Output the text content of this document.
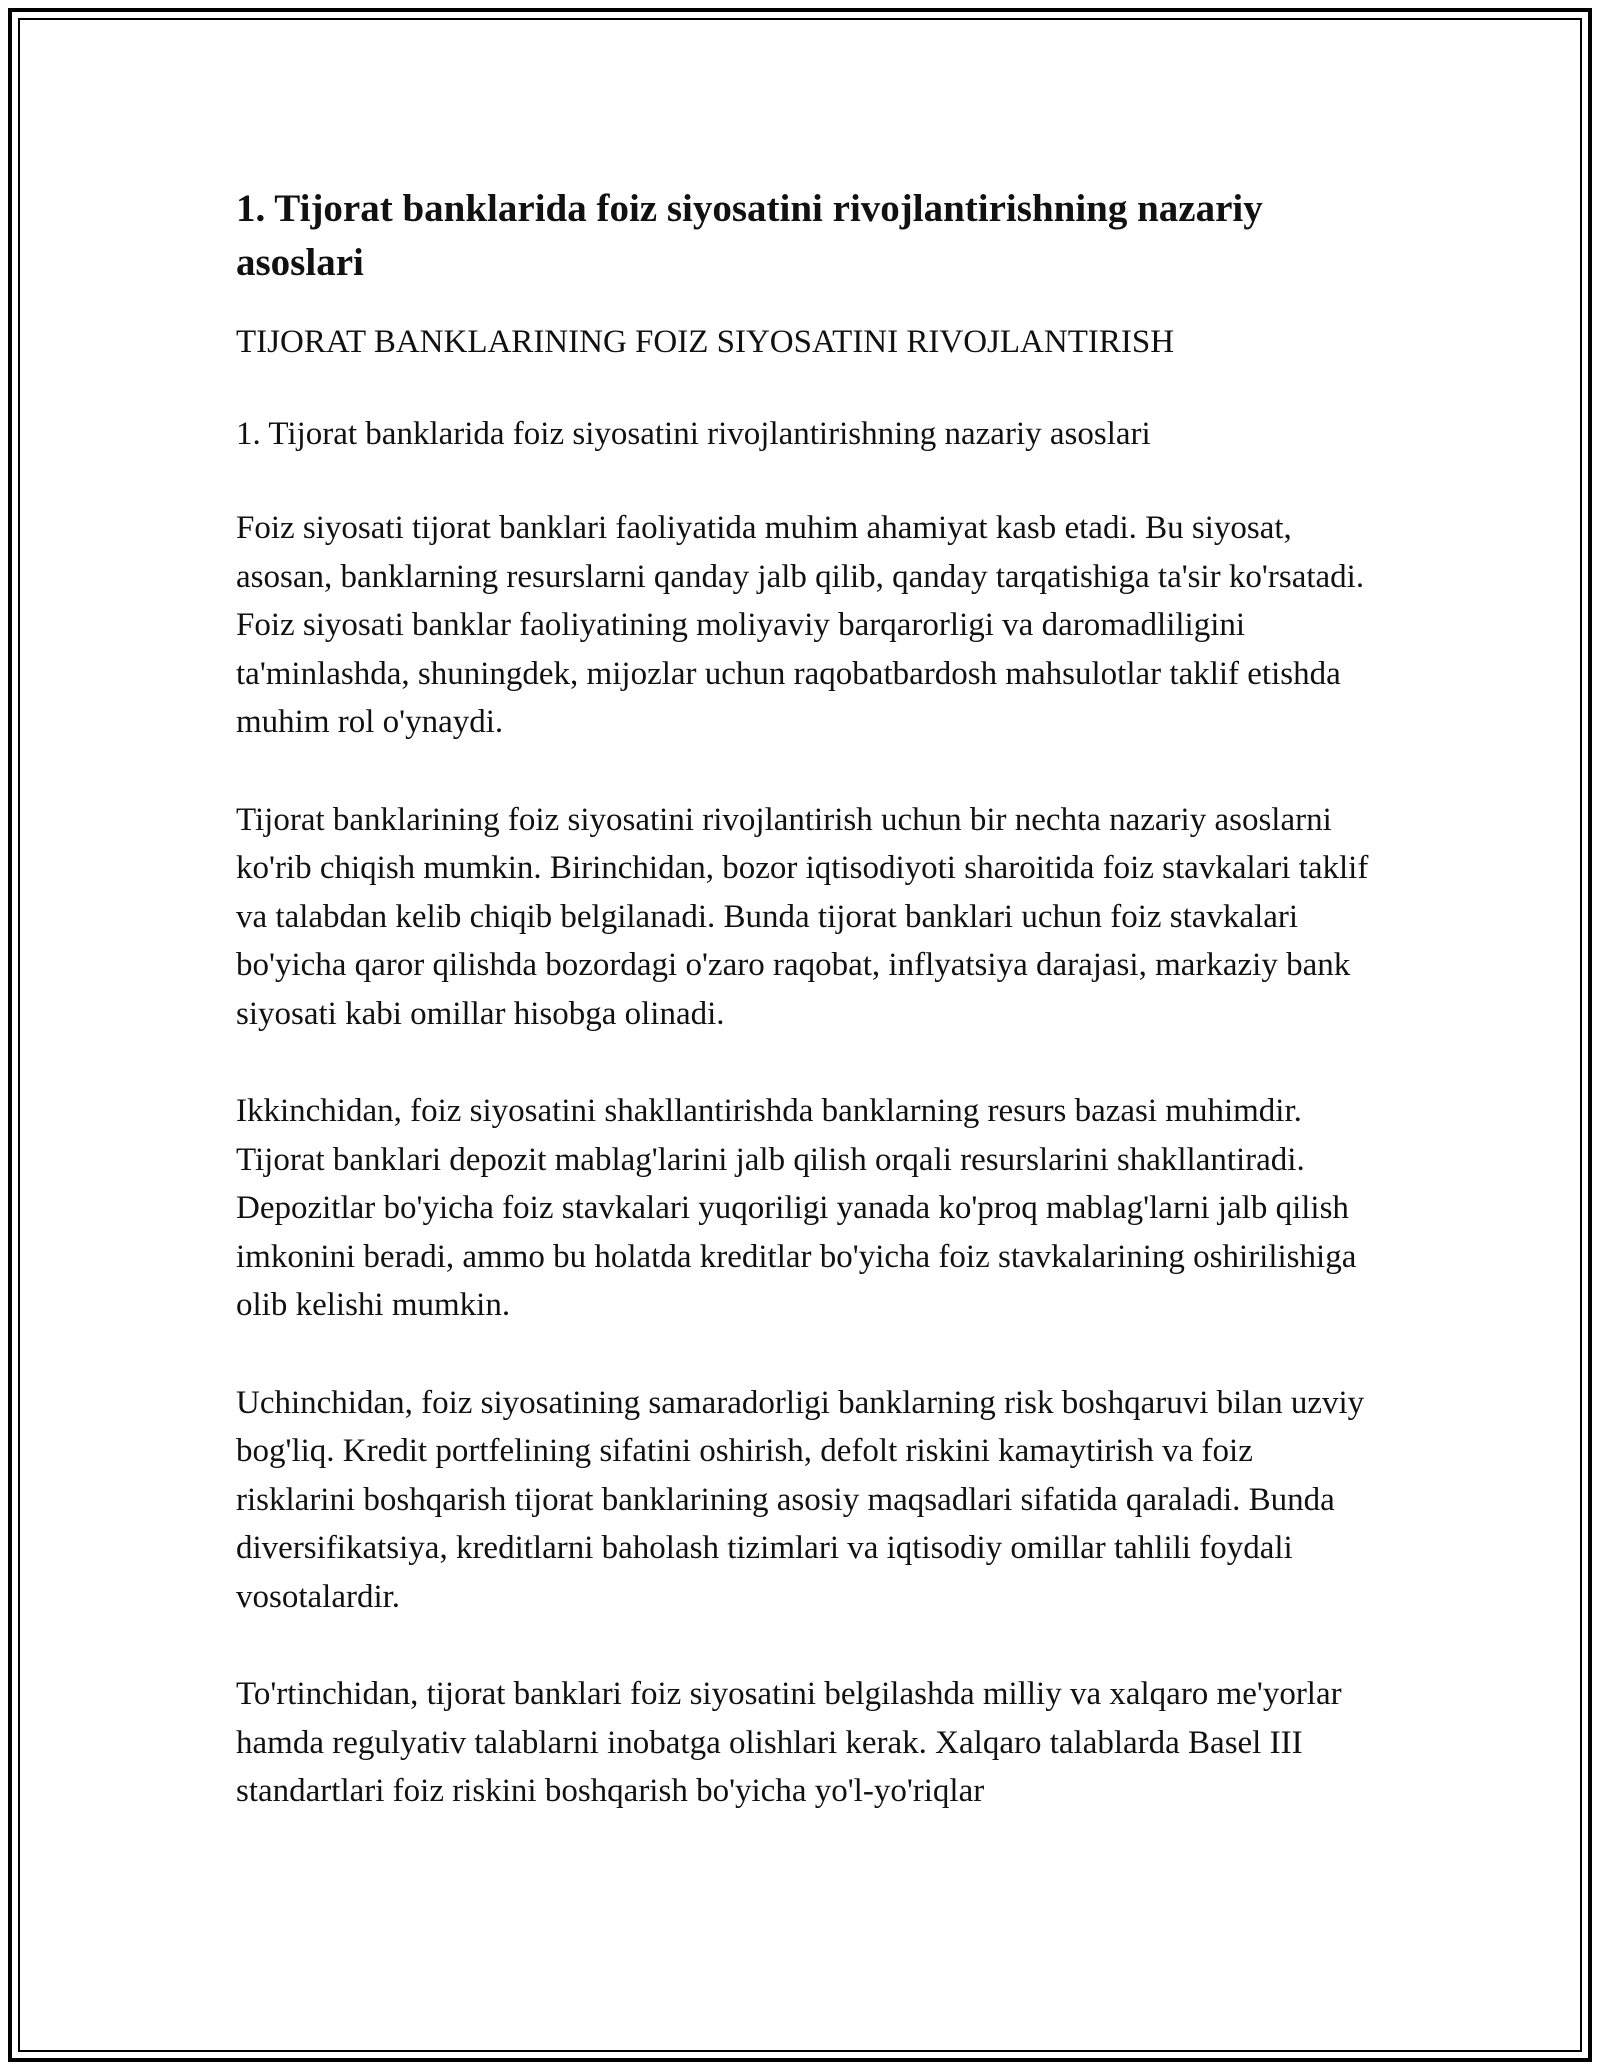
1. Tijorat banklarida foiz siyosatini rivojlantirishning nazariy asoslari

TIJORAT BANKLARINING FOIZ SIYOSATINI RIVOJLANTIRISH

1. Tijorat banklarida foiz siyosatini rivojlantirishning nazariy asoslari

Foiz siyosati tijorat banklari faoliyatida muhim ahamiyat kasb etadi. Bu siyosat, asosan, banklarning resurslarni qanday jalb qilib, qanday tarqatishiga ta'sir ko'rsatadi. Foiz siyosati banklar faoliyatining moliyaviy barqarorligi va daromadliligini ta'minlashda, shuningdek, mijozlar uchun raqobatbardosh mahsulotlar taklif etishda muhim rol o'ynaydi.

Tijorat banklarining foiz siyosatini rivojlantirish uchun bir nechta nazariy asoslarni ko'rib chiqish mumkin. Birinchidan, bozor iqtisodiyoti sharoitida foiz stavkalari taklif va talabdan kelib chiqib belgilanadi. Bunda tijorat banklari uchun foiz stavkalari bo'yicha qaror qilishda bozordagi o'zaro raqobat, inflyatsiya darajasi, markaziy bank siyosati kabi omillar hisobga olinadi.

Ikkinchidan, foiz siyosatini shakllantirishda banklarning resurs bazasi muhimdir. Tijorat banklari depozit mablag'larini jalb qilish orqali resurslarini shakllantiradi. Depozitlar bo'yicha foiz stavkalari yuqoriligi yanada ko'proq mablag'larni jalb qilish imkonini beradi, ammo bu holatda kreditlar bo'yicha foiz stavkalarining oshirilishiga olib kelishi mumkin.

Uchinchidan, foiz siyosatining samaradorligi banklarning risk boshqaruvi bilan uzviy bog'liq. Kredit portfelining sifatini oshirish, defolt riskini kamaytirish va foiz risklarini boshqarish tijorat banklarining asosiy maqsadlari sifatida qaraladi. Bunda diversifikatsiya, kreditlarni baholash tizimlari va iqtisodiy omillar tahlili foydali vosotalardir.

To'rtinchidan, tijorat banklari foiz siyosatini belgilashda milliy va xalqaro me'yorlar hamda regulyativ talablarni inobatga olishlari kerak. Xalqaro talablarda Basel III standartlari foiz riskini boshqarish bo'yicha yo'l-yo'riqlar
